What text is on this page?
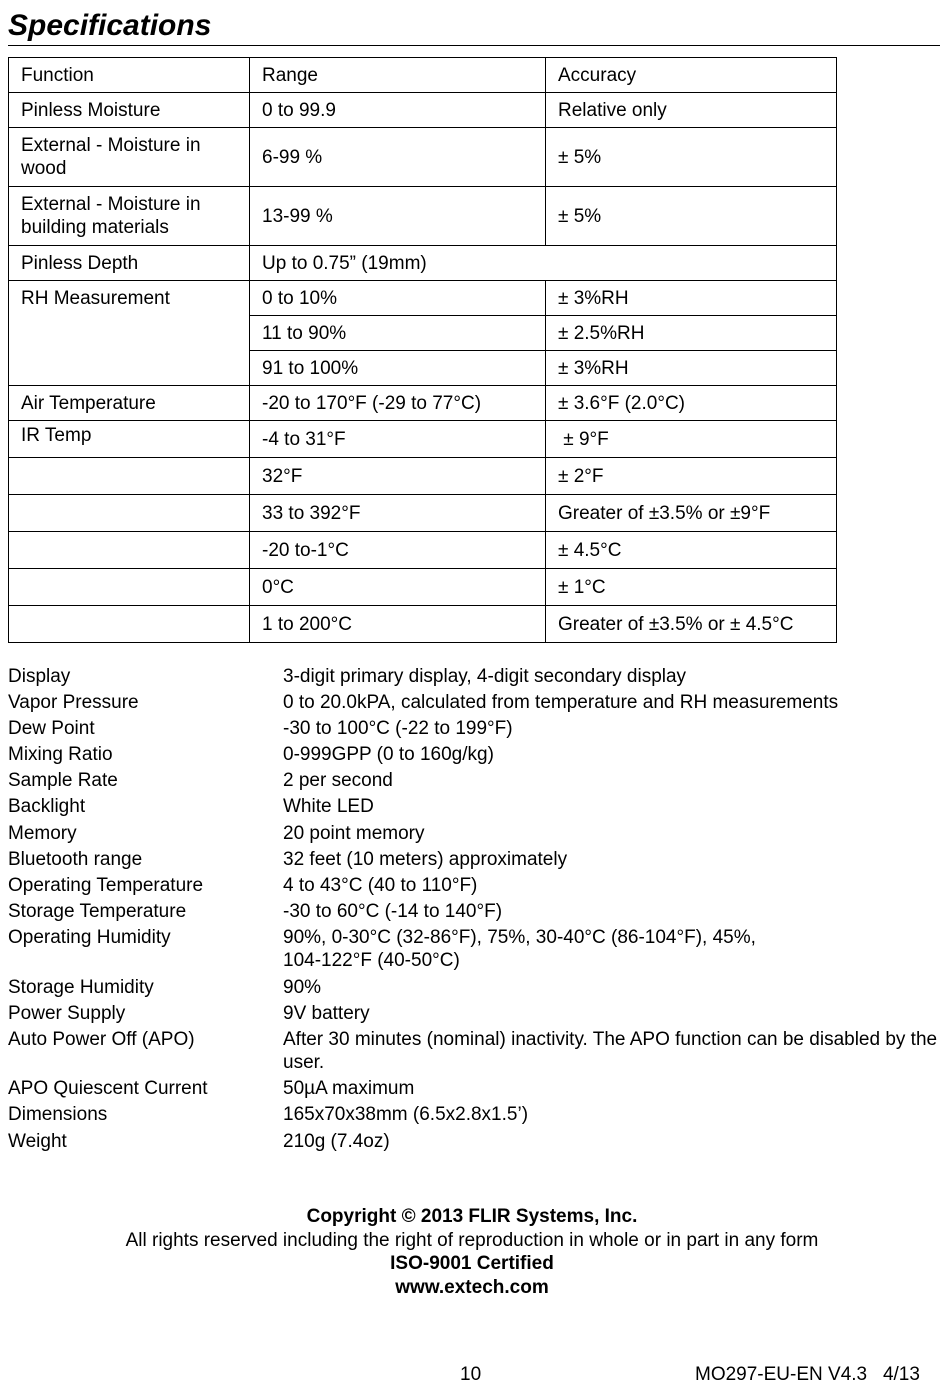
Specifications
Function	Range	Accuracy
Pinless Moisture	0 to 99.9	Relative only
External - Moisture in wood	6-99 %	± 5%
External - Moisture in building materials	13-99 %	± 5%
Pinless Depth	Up to 0.75” (19mm)	
RH Measurement	0 to 10%	± 3%RH
	11 to 90%	± 2.5%RH
	91 to 100%	± 3%RH
Air Temperature	-20 to 170°F (-29 to 77°C)	± 3.6°F (2.0°C)
IR Temp	-4 to 31°F	± 9°F
	32°F	± 2°F
	33 to 392°F	Greater of ±3.5% or ±9°F
	-20 to-1°C	± 4.5°C
	0°C	± 1°C
	1 to 200°C	Greater of ±3.5% or ± 4.5°C
Display	3-digit primary display, 4-digit secondary display
Vapor Pressure	0 to 20.0kPA, calculated from temperature and RH measurements
Dew Point	-30 to 100°C (-22 to 199°F)
Mixing Ratio	0-999GPP (0 to 160g/kg)
Sample Rate	2 per second
Backlight	White LED
Memory	20 point memory
Bluetooth range	32 feet (10 meters) approximately
Operating Temperature	4 to 43°C (40 to 110°F)
Storage Temperature	-30 to 60°C (-14 to 140°F)
Operating Humidity	90%, 0-30°C (32-86°F), 75%, 30-40°C (86-104°F), 45%, 104-122°F (40-50°C)
Storage Humidity	90%
Power Supply	9V battery
Auto Power Off (APO)	After 30 minutes (nominal) inactivity. The APO function can be disabled by the user.
APO Quiescent Current	50µA maximum
Dimensions	165x70x38mm (6.5x2.8x1.5’)
Weight	210g (7.4oz)
Copyright © 2013 FLIR Systems, Inc.
All rights reserved including the right of reproduction in whole or in part in any form
ISO-9001 Certified
www.extech.com
10	MO297-EU-EN V4.3   4/13
